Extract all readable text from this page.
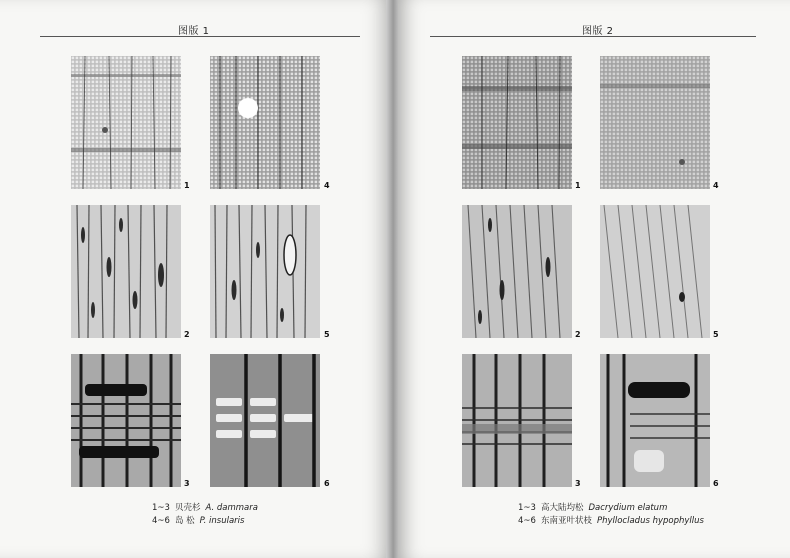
图版 1
1
2
3
4
5
6
1~3 贝壳杉 A. dammara
4~6 岛 松 P. insularis
图版 2
1
2
3
4
5
6
1~3 高大陆均松 Dacrydium elatum
4~6 东南亚叶状枝 Phyllocladus hypophyllus
